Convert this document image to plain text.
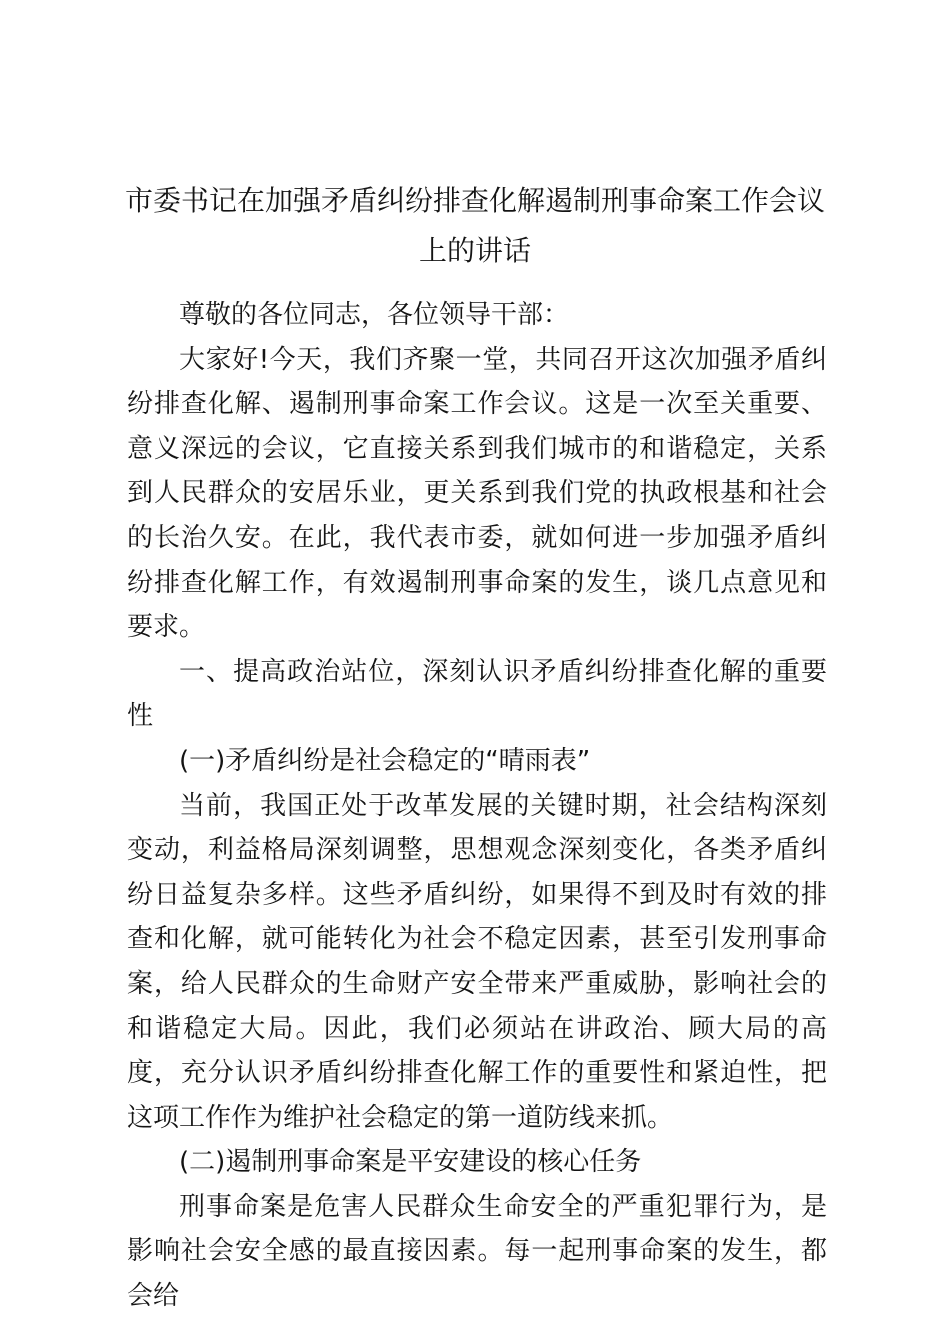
市委书记在加强矛盾纠纷排查化解遏制刑事命案工作会议上的讲话

尊敬的各位同志，各位领导干部：

大家好!今天，我们齐聚一堂，共同召开这次加强矛盾纠纷排查化解、遏制刑事命案工作会议。这是一次至关重要、意义深远的会议，它直接关系到我们城市的和谐稳定，关系到人民群众的安居乐业，更关系到我们党的执政根基和社会的长治久安。在此，我代表市委，就如何进一步加强矛盾纠纷排查化解工作，有效遏制刑事命案的发生，谈几点意见和要求。

一、提高政治站位，深刻认识矛盾纠纷排查化解的重要性

(一)矛盾纠纷是社会稳定的“晴雨表”

当前，我国正处于改革发展的关键时期，社会结构深刻变动，利益格局深刻调整，思想观念深刻变化，各类矛盾纠纷日益复杂多样。这些矛盾纠纷，如果得不到及时有效的排查和化解，就可能转化为社会不稳定因素，甚至引发刑事命案，给人民群众的生命财产安全带来严重威胁，影响社会的和谐稳定大局。因此，我们必须站在讲政治、顾大局的高度，充分认识矛盾纠纷排查化解工作的重要性和紧迫性，把这项工作作为维护社会稳定的第一道防线来抓。

(二)遏制刑事命案是平安建设的核心任务

刑事命案是危害人民群众生命安全的严重犯罪行为，是影响社会安全感的最直接因素。每一起刑事命案的发生，都会给
